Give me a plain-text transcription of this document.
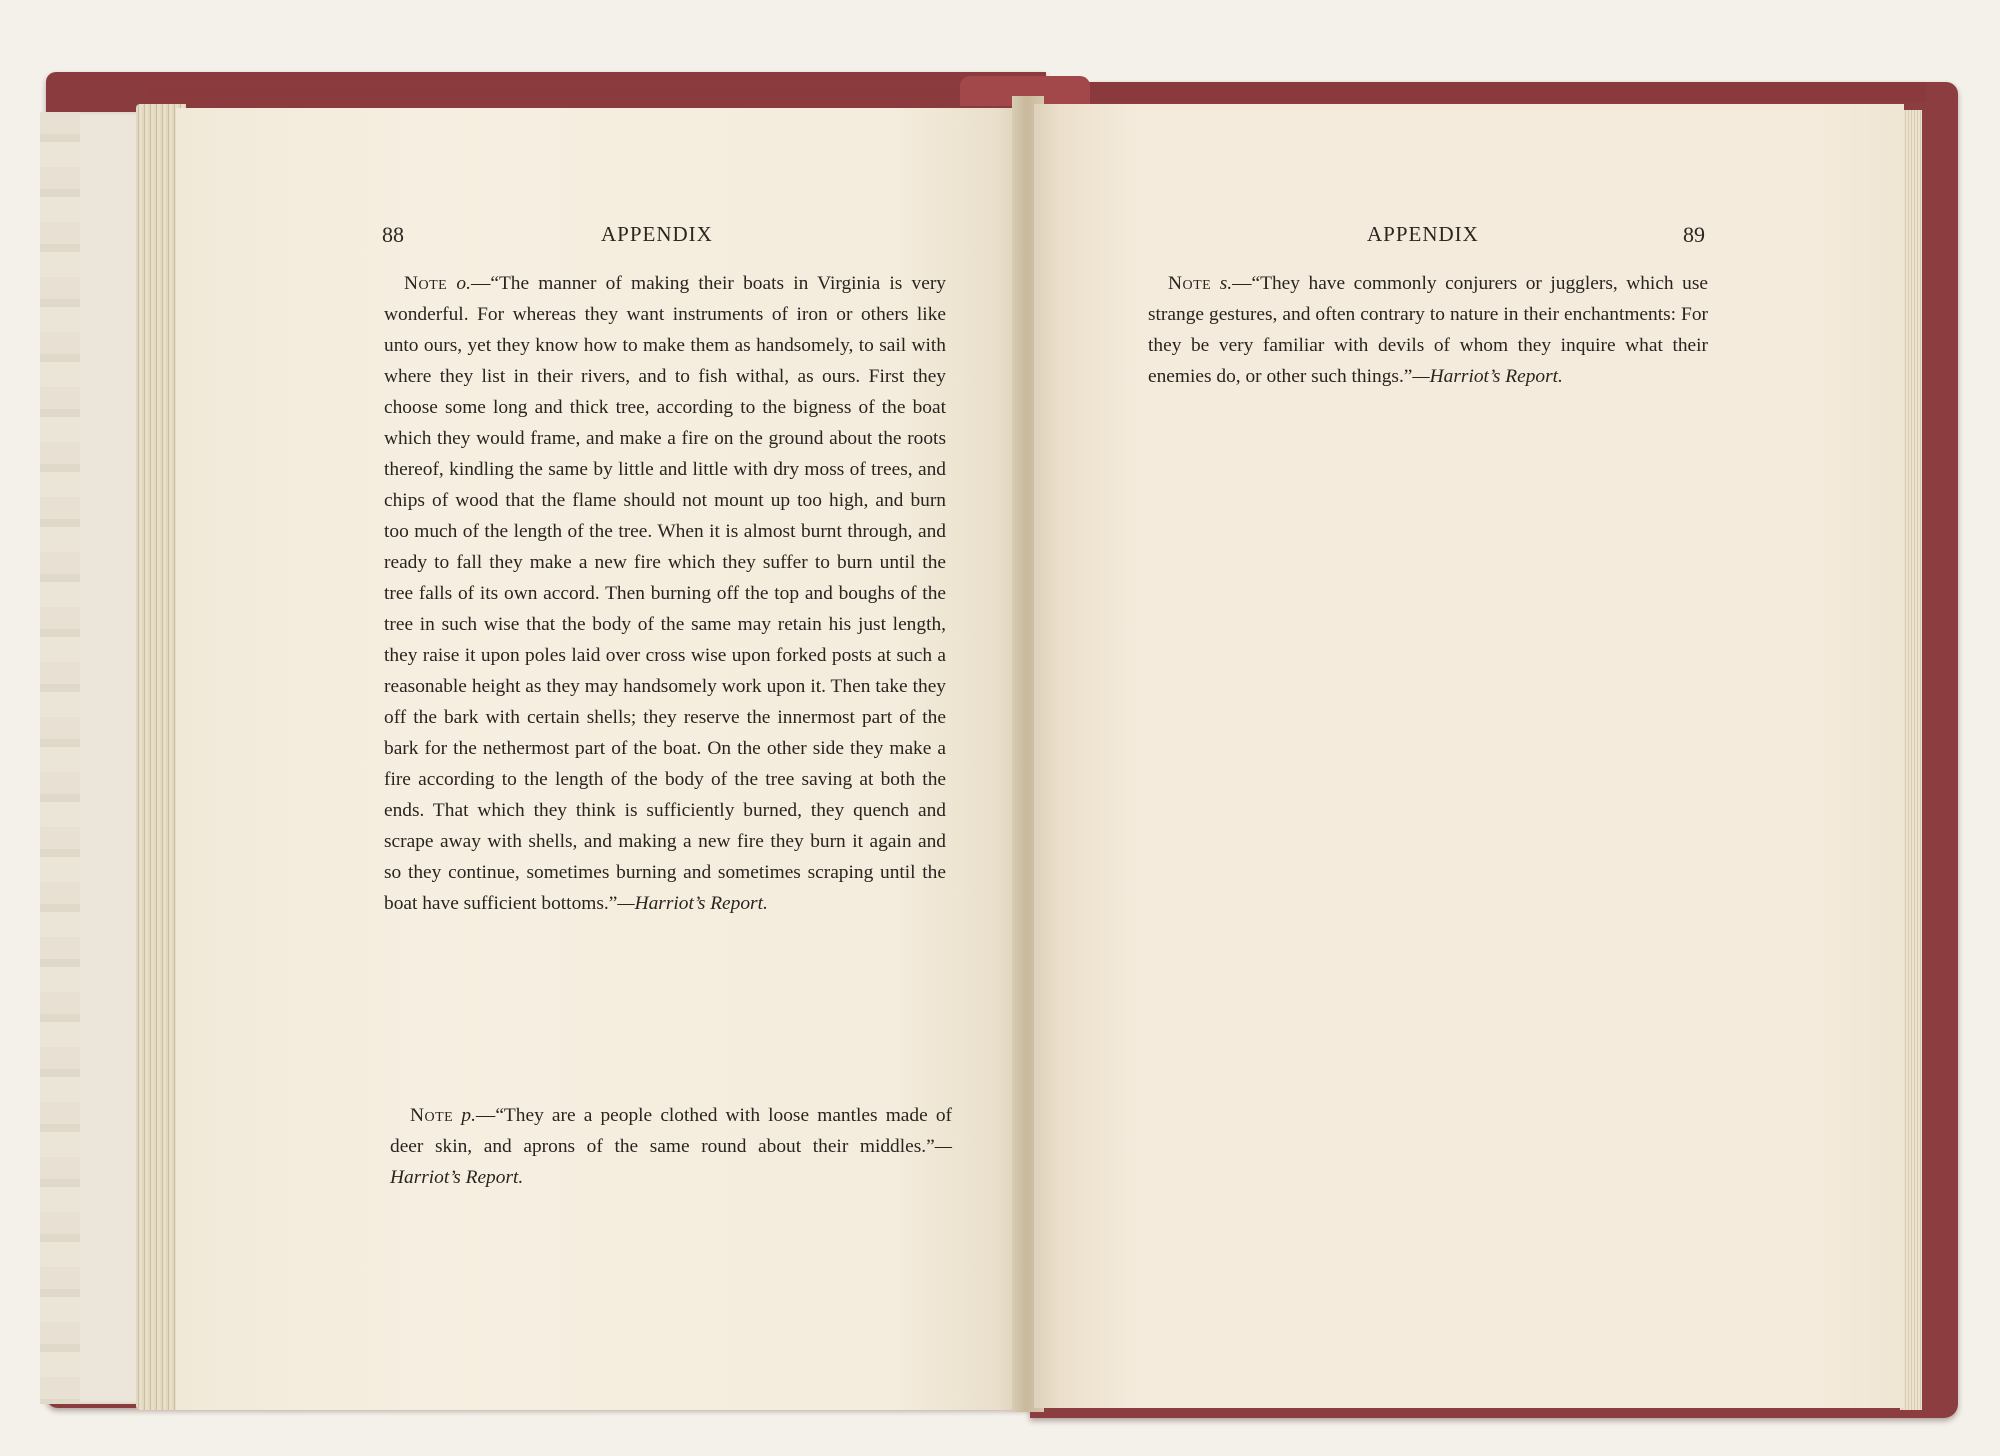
88	APPENDIX	APPENDIX	89
Note o.—“The manner of making their boats in Virginia is very wonderful. For whereas they want instruments of iron or others like unto ours, yet they know how to make them as handsomely, to sail with where they list in their rivers, and to fish withal, as ours. First they choose some long and thick tree, according to the bigness of the boat which they would frame, and make a fire on the ground about the roots thereof, kindling the same by little and little with dry moss of trees, and chips of wood that the flame should not mount up too high, and burn too much of the length of the tree. When it is almost burnt through, and ready to fall they make a new fire which they suffer to burn until the tree falls of its own accord. Then burning off the top and boughs of the tree in such wise that the body of the same may retain his just length, they raise it upon poles laid over cross wise upon forked posts at such a reasonable height as they may handsomely work upon it. Then take they off the bark with certain shells; they reserve the innermost part of the bark for the nethermost part of the boat. On the other side they make a fire according to the length of the body of the tree saving at both the ends. That which they think is sufficiently burned, they quench and scrape away with shells, and making a new fire they burn it again and so they continue, sometimes burning and sometimes scraping until the boat have sufficient bottoms.”—Harriot’s Report.
Note p.—“They are a people clothed with loose mantles made of deer skin, and aprons of the same round about their middles.”—Harriot’s Report.
Note s.—“They have commonly conjurers or jugglers, which use strange gestures, and often contrary to nature in their enchantments: For they be very familiar with devils of whom they inquire what their enemies do, or other such things.”—Harriot’s Report.
